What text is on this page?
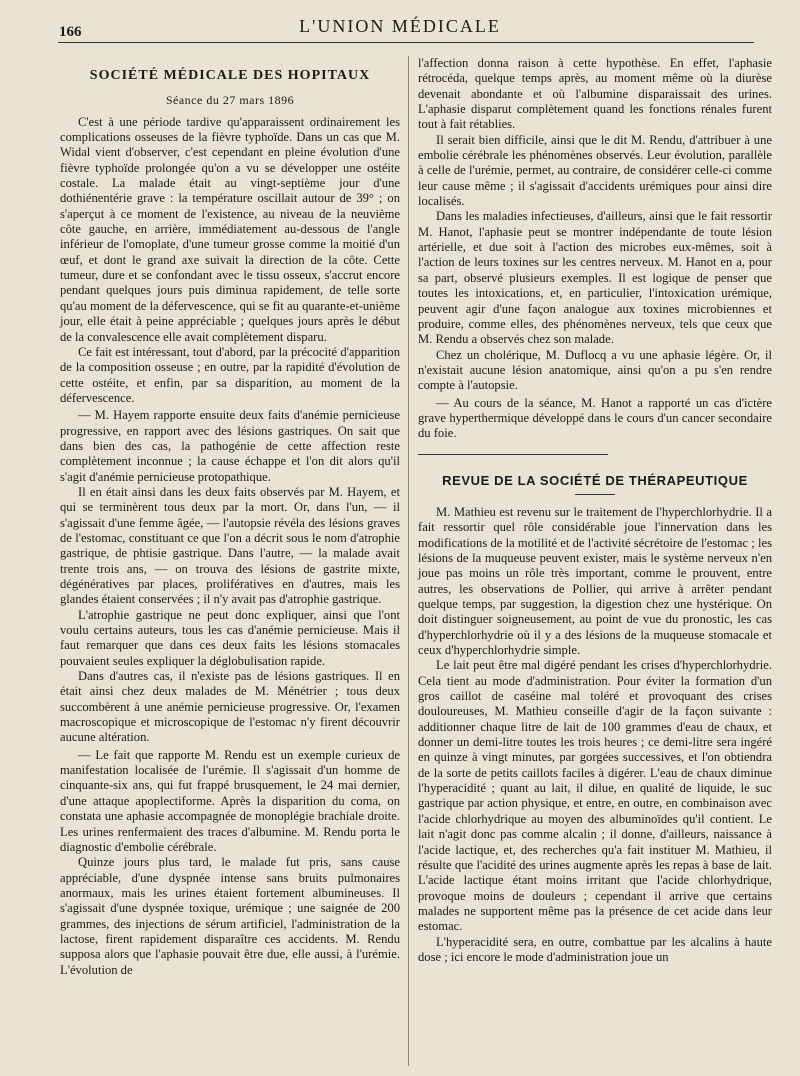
166	L'UNION MÉDICALE
SOCIÉTÉ MÉDICALE DES HOPITAUX
Séance du 27 mars 1896

C'est à une période tardive qu'apparaissent ordinairement les complications osseuses de la fièvre typhoïde. Dans un cas que M. Widal vient d'observer, c'est cependant en pleine évolution d'une fièvre typhoïde prolongée qu'on a vu se développer une ostéite costale. La malade était au vingt-septième jour d'une dothiénentérie grave : la température oscillait autour de 39° ; on s'aperçut à ce moment de l'existence, au niveau de la neuvième côte gauche, en arrière, immédiatement au-dessous de l'angle inférieur de l'omoplate, d'une tumeur grosse comme la moitié d'un œuf, et dont le grand axe suivait la direction de la côte. Cette tumeur, dure et se confondant avec le tissu osseux, s'accrut encore pendant quelques jours puis diminua rapidement, de telle sorte qu'au moment de la défervescence, qui se fit au quarante-et-unième jour, elle était à peine appréciable ; quelques jours après le début de la convalescence elle avait complètement disparu.

Ce fait est intéressant, tout d'abord, par la précocité d'apparition de la composition osseuse ; en outre, par la rapidité d'évolution de cette ostéite, et enfin, par sa disparition, au moment de la défervescence.

— M. Hayem rapporte ensuite deux faits d'anémie pernicieuse progressive, en rapport avec des lésions gastriques. On sait que dans bien des cas, la pathogénie de cette affection reste complètement inconnue ; la cause échappe et l'on dit alors qu'il s'agit d'anémie pernicieuse protopathique.

Il en était ainsi dans les deux faits observés par M. Hayem, et qui se terminèrent tous deux par la mort. Or, dans l'un, — il s'agissait d'une femme âgée, — l'autopsie révéla des lésions graves de l'estomac, constituant ce que l'on a décrit sous le nom d'atrophie gastrique, de phtisie gastrique. Dans l'autre, — la malade avait trente trois ans, — on trouva des lésions de gastrite mixte, dégénératives par places, prolifératives en d'autres, mais les glandes étaient conservées ; il n'y avait pas d'atrophie gastrique.

L'atrophie gastrique ne peut donc expliquer, ainsi que l'ont voulu certains auteurs, tous les cas d'anémie pernicieuse. Mais il faut remarquer que dans ces deux faits les lésions stomacales pouvaient seules expliquer la déglobulisation rapide.

Dans d'autres cas, il n'existe pas de lésions gastriques. Il en était ainsi chez deux malades de M. Ménétrier ; tous deux succombèrent à une anémie pernicieuse progressive. Or, l'examen macroscopique et microscopique de l'estomac n'y firent découvrir aucune altération.

— Le fait que rapporte M. Rendu est un exemple curieux de manifestation localisée de l'urémie. Il s'agissait d'un homme de cinquante-six ans, qui fut frappé brusquement, le 24 mai dernier, d'une attaque apoplectiforme. Après la disparition du coma, on constata une aphasie accompagnée de monoplégie brachiale droite. Les urines renfermaient des traces d'albumine. M. Rendu porta le diagnostic d'embolie cérébrale.

Quinze jours plus tard, le malade fut pris, sans cause appréciable, d'une dyspnée intense sans bruits pulmonaires anormaux, mais les urines étaient fortement albumineuses. Il s'agissait d'une dyspnée toxique, urémique ; une saignée de 200 grammes, des injections de sérum artificiel, l'administration de la lactose, firent rapidement disparaître ces accidents. M. Rendu supposa alors que l'aphasie pouvait être due, elle aussi, à l'urémie. L'évolution de

l'affection donna raison à cette hypothèse. En effet, l'aphasie rétrocéda, quelque temps après, au moment même où la diurèse devenait abondante et où l'albumine disparaissait des urines. L'aphasie disparut complètement quand les fonctions rénales furent tout à fait rétablies.

Il serait bien difficile, ainsi que le dit M. Rendu, d'attribuer à une embolie cérébrale les phénomènes observés. Leur évolution, parallèle à celle de l'urémie, permet, au contraire, de considérer celle-ci comme leur cause même ; il s'agissait d'accidents urémiques pour ainsi dire localisés.

Dans les maladies infectieuses, d'ailleurs, ainsi que le fait ressortir M. Hanot, l'aphasie peut se montrer indépendante de toute lésion artérielle, et due soit à l'action des microbes eux-mêmes, soit à l'action de leurs toxines sur les centres nerveux. M. Hanot en a, pour sa part, observé plusieurs exemples. Il est logique de penser que toutes les intoxications, et, en particulier, l'intoxication urémique, peuvent agir d'une façon analogue aux toxines microbiennes et produire, comme elles, des phénomènes nerveux, tels que ceux que M. Rendu a observés chez son malade.

Chez un cholérique, M. Duflocq a vu une aphasie légère. Or, il n'existait aucune lésion anatomique, ainsi qu'on a pu s'en rendre compte à l'autopsie.

— Au cours de la séance, M. Hanot a rapporté un cas d'ictère grave hyperthermique développé dans le cours d'un cancer secondaire du foie.

REVUE DE LA SOCIÉTÉ DE THÉRAPEUTIQUE

M. Mathieu est revenu sur le traitement de l'hyperchlorhydrie. Il a fait ressortir quel rôle considérable joue l'innervation dans les modifications de la motilité et de l'activité sécrétoire de l'estomac ; les lésions de la muqueuse peuvent exister, mais le système nerveux n'en joue pas moins un rôle très important, comme le prouvent, entre autres, les observations de Pollier, qui arrive à arrêter pendant quelque temps, par suggestion, la digestion chez une hystérique. On doit distinguer soigneusement, au point de vue du pronostic, les cas d'hyperchlorhydrie où il y a des lésions de la muqueuse stomacale et ceux d'hyperchlorhydrie simple.

Le lait peut être mal digéré pendant les crises d'hyperchlorhydrie. Cela tient au mode d'administration. Pour éviter la formation d'un gros caillot de caséine mal toléré et provoquant des crises douloureuses, M. Mathieu conseille d'agir de la façon suivante : additionner chaque litre de lait de 100 grammes d'eau de chaux, et donner un demi-litre toutes les trois heures ; ce demi-litre sera ingéré en quinze à vingt minutes, par gorgées successives, et l'on obtiendra de la sorte de petits caillots faciles à digérer. L'eau de chaux diminue l'hyperacidité ; quant au lait, il dilue, en qualité de liquide, le suc gastrique par action physique, et entre, en outre, en combinaison avec l'acide chlorhydrique au moyen des albuminoïdes qu'il contient. Le lait n'agit donc pas comme alcalin ; il donne, d'ailleurs, naissance à l'acide lactique, et, des recherches qu'a fait instituer M. Mathieu, il résulte que l'acidité des urines augmente après les repas à base de lait. L'acide lactique étant moins irritant que l'acide chlorhydrique, provoque moins de douleurs ; cependant il arrive que certains malades ne supportent même pas la présence de cet acide dans leur estomac.

L'hyperacidité sera, en outre, combattue par les alcalins à haute dose ; ici encore le mode d'administration joue un
